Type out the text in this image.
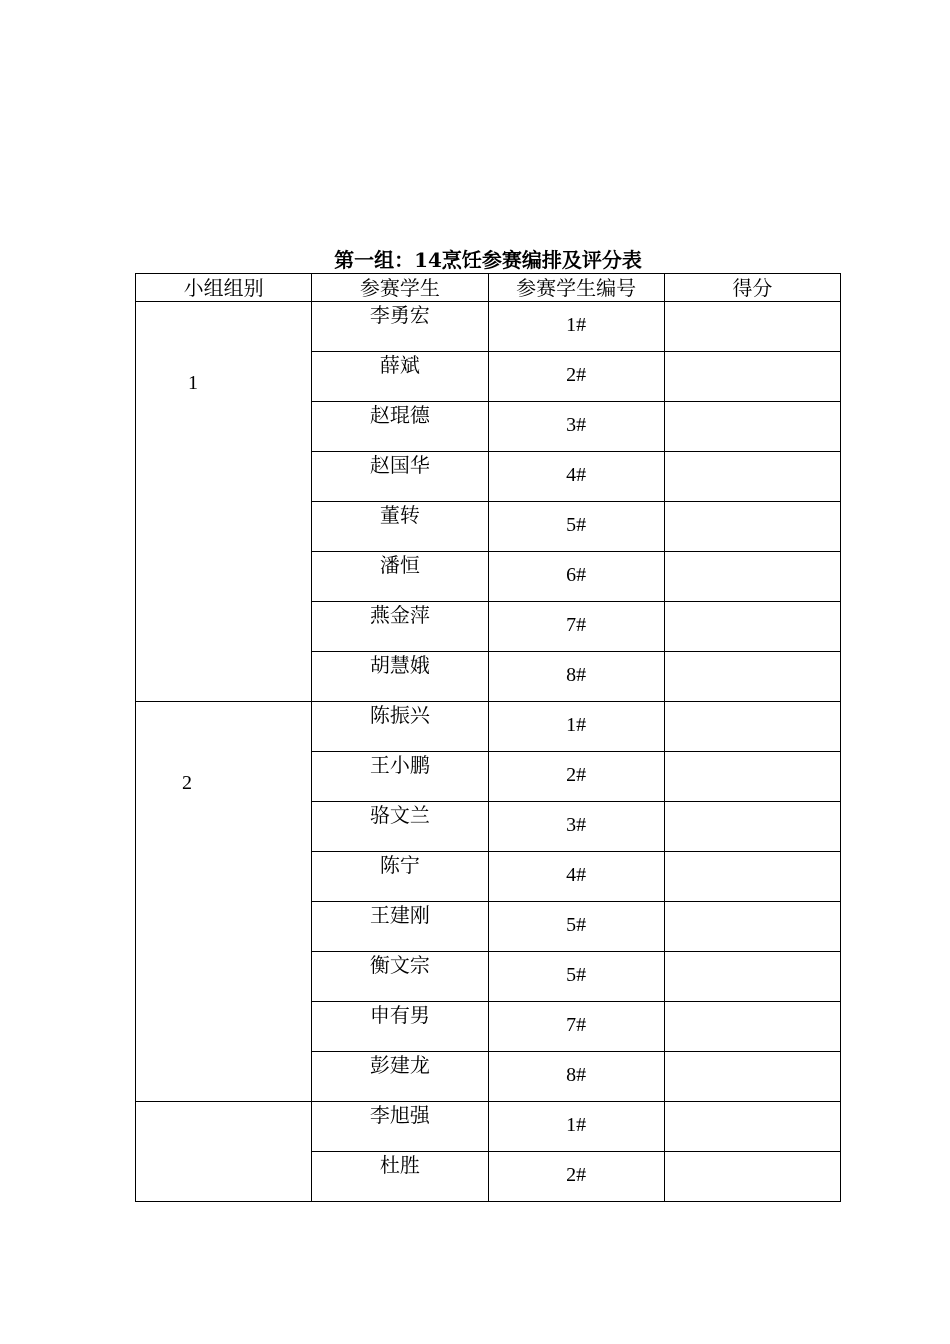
第一组：14烹饪参赛编排及评分表
小组组别	参赛学生	参赛学生编号	得分
1	李勇宏	1#	
	薛斌	2#	
	赵琨德	3#	
	赵国华	4#	
	董转	5#	
	潘恒	6#	
	燕金萍	7#	
	胡慧娥	8#	
2	陈振兴	1#	
	王小鹏	2#	
	骆文兰	3#	
	陈宁	4#	
	王建刚	5#	
	衡文宗	5#	
	申有男	7#	
	彭建龙	8#	
	李旭强	1#	
	杜胜	2#	
